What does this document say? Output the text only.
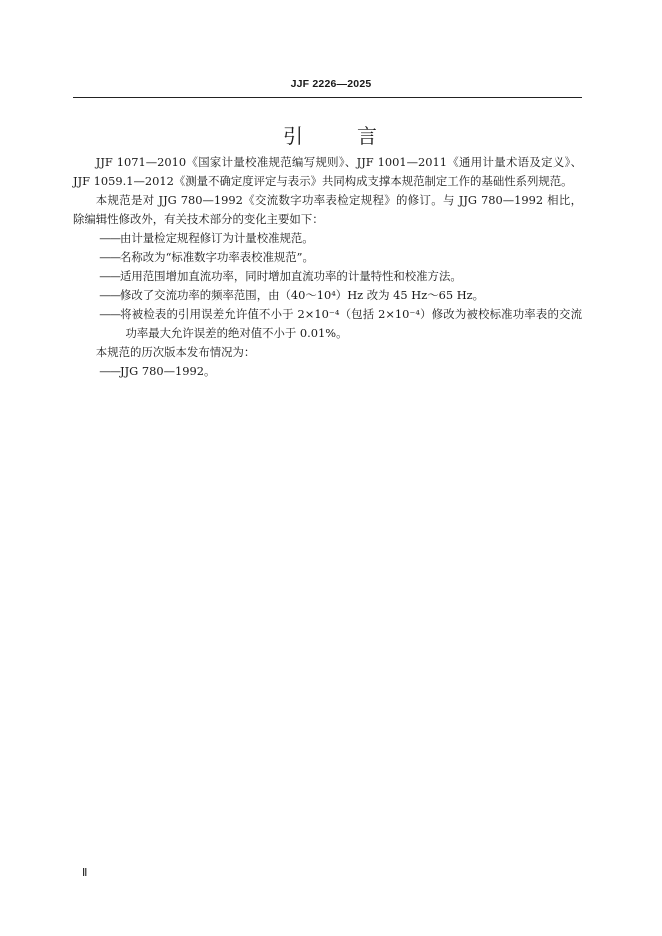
JJF 2226—2025
引	言

JJF 1071—2010《国家计量校准规范编写规则》、JJF 1001—2011《通用计量术语及定义》、JJF 1059.1—2012《测量不确定度评定与表示》共同构成支撑本规范制定工作的基础性系列规范。

本规范是对 JJG 780—1992《交流数字功率表检定规程》的修订。与 JJG 780—1992 相比，除编辑性修改外，有关技术部分的变化主要如下：

——由计量检定规程修订为计量校准规范。

——名称改为“标准数字功率表校准规范”。

——适用范围增加直流功率，同时增加直流功率的计量特性和校准方法。

——修改了交流功率的频率范围，由（40～10⁴）Hz 改为 45 Hz～65 Hz。

——将被检表的引用误差允许值不小于 2×10⁻⁴（包括 2×10⁻⁴）修改为被校标准功率表的交流功率最大允许误差的绝对值不小于 0.01%。

本规范的历次版本发布情况为：

——JJG 780—1992。

Ⅱ
